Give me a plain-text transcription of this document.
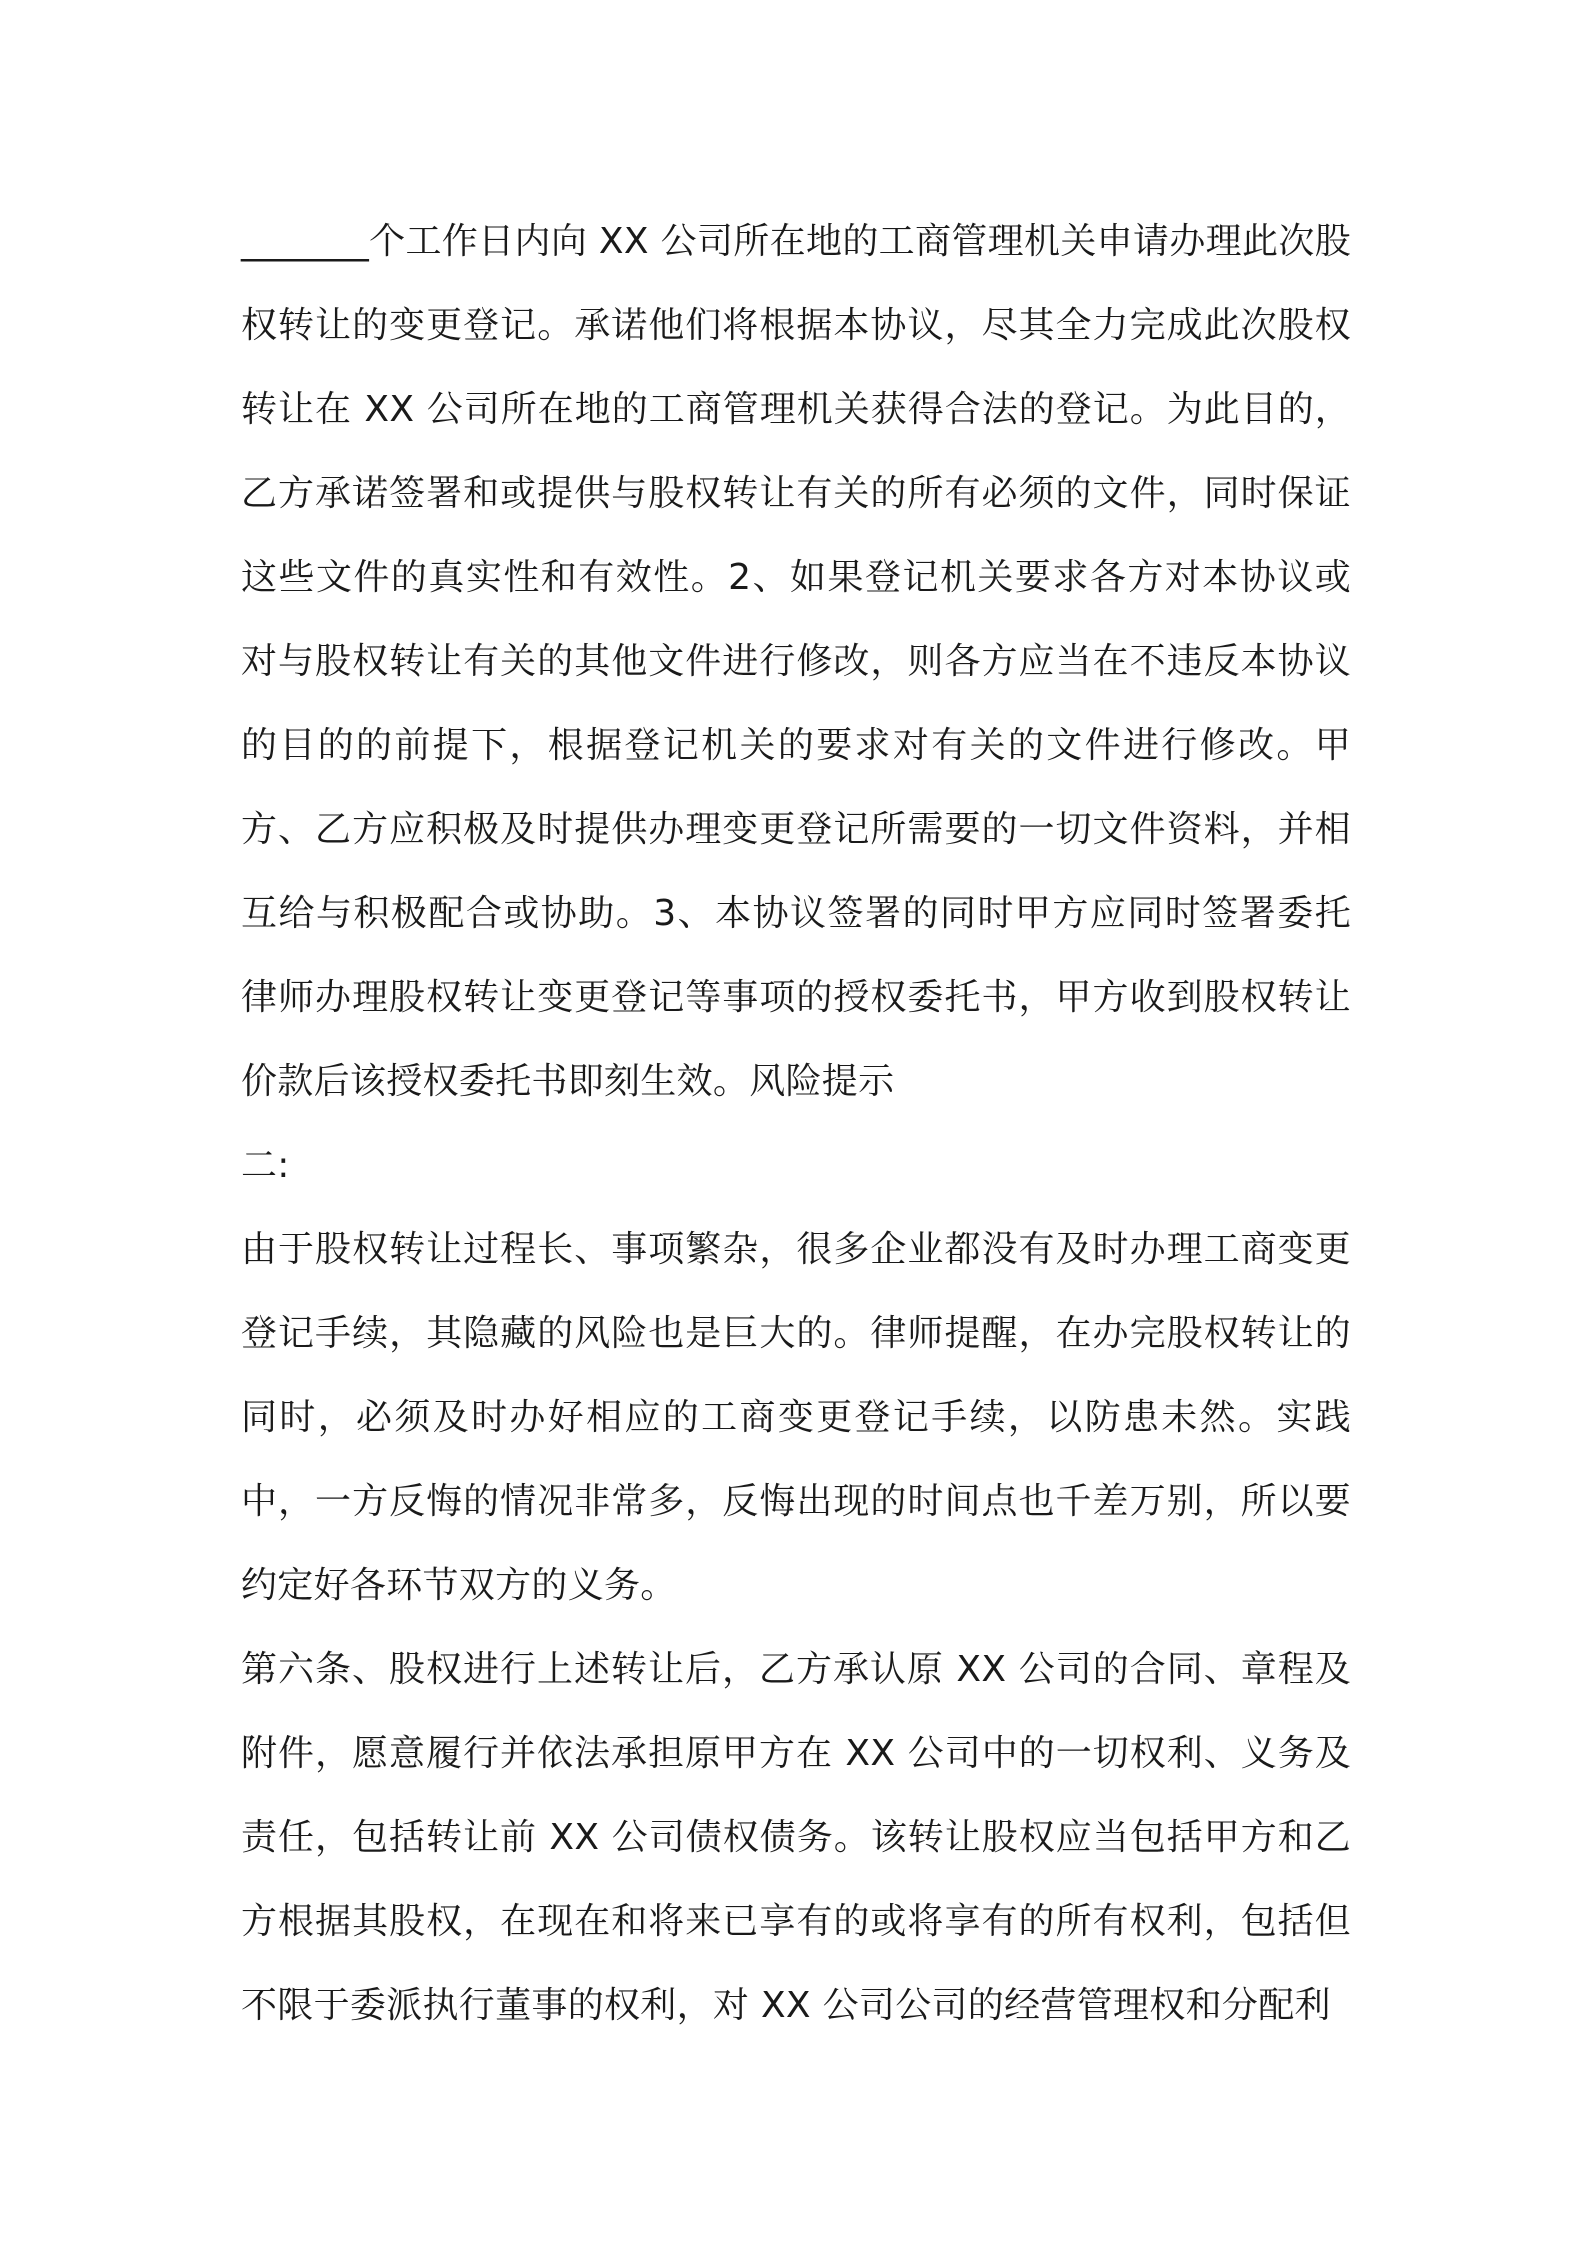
_______个工作日内向 XX 公司所在地的工商管理机关申请办理此次股权转让的变更登记。承诺他们将根据本协议，尽其全力完成此次股权转让在 XX 公司所在地的工商管理机关获得合法的登记。为此目的，乙方承诺签署和或提供与股权转让有关的所有必须的文件，同时保证这些文件的真实性和有效性。2、如果登记机关要求各方对本协议或对与股权转让有关的其他文件进行修改，则各方应当在不违反本协议的目的的前提下，根据登记机关的要求对有关的文件进行修改。甲方、乙方应积极及时提供办理变更登记所需要的一切文件资料，并相互给与积极配合或协助。3、本协议签署的同时甲方应同时签署委托律师办理股权转让变更登记等事项的授权委托书，甲方收到股权转让价款后该授权委托书即刻生效。风险提示

二:

由于股权转让过程长、事项繁杂，很多企业都没有及时办理工商变更登记手续，其隐藏的风险也是巨大的。律师提醒，在办完股权转让的同时，必须及时办好相应的工商变更登记手续，以防患未然。实践中，一方反悔的情况非常多，反悔出现的时间点也千差万别，所以要约定好各环节双方的义务。

第六条、股权进行上述转让后，乙方承认原 XX 公司的合同、章程及附件，愿意履行并依法承担原甲方在 XX 公司中的一切权利、义务及责任，包括转让前 XX 公司债权债务。该转让股权应当包括甲方和乙方根据其股权，在现在和将来已享有的或将享有的所有权利，包括但不限于委派执行董事的权利，对 XX 公司公司的经营管理权和分配利
